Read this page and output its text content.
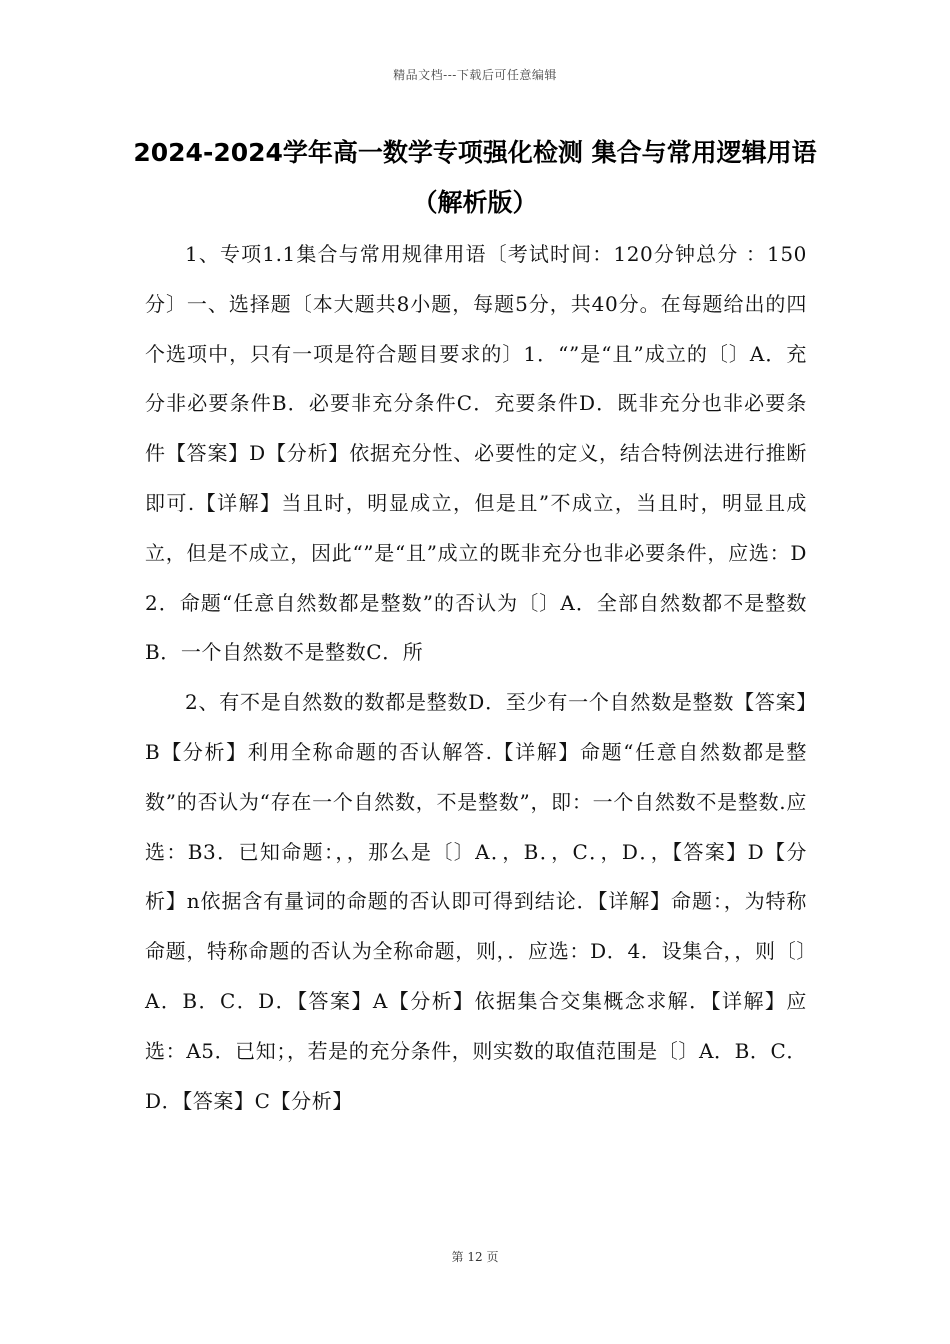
精品文档---下载后可任意编辑
2024-2024学年高一数学专项强化检测 集合与常用逻辑用语（解析版）

1、专项1.1集合与常用规律用语〔考试时间：120分钟总分 ：150分〕一、选择题〔本大题共8小题，每题5分，共40分。在每题给出的四个选项中，只有一项是符合题目要求的〕1．“”是“且”成立的〔〕A．充分非必要条件B．必要非充分条件C．充要条件D．既非充分也非必要条件【答案】D【分析】依据充分性、必要性的定义，结合特例法进行推断即可.【详解】当且时，明显成立，但是且”不成立，当且时，明显且成立，但是不成立，因此“”是“且”成立的既非充分也非必要条件，应选：D2．命题“任意自然数都是整数”的否认为〔〕A．全部自然数都不是整数B．一个自然数不是整数C．所

2、有不是自然数的数都是整数D．至少有一个自然数是整数【答案】B【分析】利用全称命题的否认解答.【详解】命题“任意自然数都是整数”的否认为“存在一个自然数，不是整数”，即：一个自然数不是整数.应选：B3．已知命题：，，那么是〔〕A．，B．，C．，D．，【答案】D【分析】n依据含有量词的命题的否认即可得到结论．【详解】命题：，为特称命题，特称命题的否认为全称命题，则，．应选：D．4．设集合，，则〔〕A．B．C．D．【答案】A【分析】依据集合交集概念求解．【详解】应选：A5．已知；，若是的充分条件，则实数的取值范围是〔〕A．B．C．D．【答案】C【分析】

第 12 页
